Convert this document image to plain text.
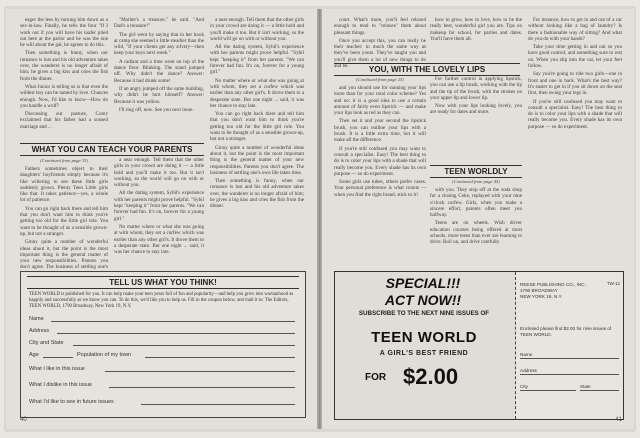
eager the less by turning him down as a sex-in-law. Finally, he tells the four "If I work out if you will have his loafer piled out here at the parlor and he was the one he will about the gal, he agrees to do this.

Then something is funny, when our romance is lost and his old adventure takes over, the wanderer is no longer afraid of him; he gives a big kiss and cries the fish from the dinner.

What Junior is telling us is that even the wildest boy can be tamed by love. Chances enough. Now, I'd like to know—How do you handle a wolf?

Discussing our pasture, Corey exclaimed that his father had a soused marriage and ...

"Mother's a treasure," he said. "And Dad's a treasure!"

The girl went by saying that in her book at camp she seemed a little steadier than the wild, "If your clients get any silvery—then keep your boys next week."

A radiant and a time went on top of the dance floor. Blinking. The stand jumped off. Why didn't the dance? Answer: Because it had drunk some!

If an angry jumped off the same building, why didn't he hurt himself? Answer: Because it was yellow.

I'll ring off, now. See you next issue.

WHAT YOU CAN TEACH YOUR PARENTS
(Continued from page 33)

Fathers sometimes object to their daughters' boyfriends simply because it's like wiltering to see these little girls suddenly grown. Plenty Teen Little girls like that. It takes patience—yes, a whole lot of patience.

You can go right back there and tell him that you don't want him to think you're getting too old for the little girl role. You want to be thought of as a sensible grown-up, but not a stranger.

Ginny quite a number of wonderful ideas about it, but the point is the most important thing is the general matter of your new responsibilities. Parents you don't agree. The business of settling one's

a near enough. Tell them that the other girls in your crowd are doing it — a little hold and you'll make it too. But it isn't working, so the world will go on with or without you.

All the dating system, Sybil's experience with her parents might prove helpful. "Sybil kept "keeping it" from her parents. "We can forever had fun. It's on, forever for a young girl."

No matter where or what she was going at with whom, they set a curfew which was earlier than any other girl's. It drove them to a desperate state. But one night ... said, it was her chance to stay late.

a near enough. Tell them that the other girls in your crowd are doing it — a little hold and you'll make it too. But it isn't working, so the world will go on with or without you.

All the dating system, Sybil's experience with her parents might prove helpful. "Sybil kept "keeping it" from her parents. "We can forever had fun. It's on, forever for a young girl."

No matter where or what she was going at with whom, they set a curfew which was earlier than any other girl's. It drove them to a desperate state. But one night ... said, it was her chance to stay late.

You can go right back there and tell him that you don't want him to think you're getting too old for the little girl role. You want to be thought of as a sensible grown-up, but not a stranger.

Ginny quite a number of wonderful ideas about it, but the point is the most important thing is the general matter of your new responsibilities. Parents you don't agree. The business of settling one's own life takes time.

Then something is funny, when our romance is lost and his old adventure takes over, the wanderer is no longer afraid of him; he gives a big kiss and cries the fish from the dinner.

TELL US WHAT YOU THINK!
TEEN WORLD is published for you. It can help make your teen years full of fun and popularity—and help you grow into womanhood as happily and successfully as we know you can. To do this, we'd like you to help us. Fill in the coupon below, and mail it to: The Editors, TEEN WORLD, 1790 Broadway, New York 19, N.Y.
Name
Address
City and State
Age	Population of my town
What I like in this issue
What I dislike in this issue
What I'd like to see in future issues
40

court. What's more, you'll feel relaxed enough to tend to "relaxes" them about pleasant things.

Once you accept this, you can really be their teacher: in much the same way as they've been yours. They've taught you and you'll give them a lot of new things to do and be.	YOU, WITH THE LOVELY LIPS
(Continued from page 25)

and you should use for sunning your lips more than for your total color scheme? Yes and no: it is a good idea to use a certain amount of fairly even lipstick — and make your lips look as red as they can.

Then set it and your second the lipstick brush, you can outline your lips with a brush. It is a little extra time, but it will make all the difference.

If you're still confused you may want to consult a specialist. Easy! The best thing to do is to color your lips with a shade that will really become you. Every shade has its own purpose — so do experiment.

Some girls use tubes, others prefer cases. Your personal preference is what counts — when you find the right brand, stick to it!

how to grow, how to love, how to be the really best, wonderful girl you are. Tips on makeup for school, for parties and dates. You'll have them all.

For further control in applying lipstick, you can use a lip brush, working with the tip and the tip of the brush, with the strokes on your upper lip and lower lip.

Now with your lips looking lovely, you are ready for dates and more.

TEEN WORLDLY
(Continued from page 45)

with you. They stop off at the soda shop for a closing Coke, replayed with your nine o'clock curfew. Girls, when you make a sincere effort, parents often meet you halfway.

Teens are on wheels. Wish driver education courses being offered at most schools, more teens than ever are learning to drive. Roll on, and drive carefully.

For instance, how to get in and out of a car without looking like a bag of laundry? Is there a fashionable way of sitting? And what do you do with your hands?

Take your time getting in and out so you have good control, and something sure to rest on. When you slip into the car, let your feet follow.

Say you're going to ride two girls—one in front and one in back. What's the best way? It's easier to get in if you sit down on the seat first, then swing your legs in.

If you're still confused you may want to consult a specialist. Easy! The best thing to do is to color your lips with a shade that will really become you. Every shade has its own purpose — so do experiment.

SPECIAL!!!
ACT NOW!!
SUBSCRIBE TO THE NEXT NINE ISSUES OF
TEEN WORLD
A GIRL'S BEST FRIEND
FOR $2.00
TW-12
REESE PUBLISHING CO., INC.
1790 BROADWAY
NEW YORK 19, N.Y.
Enclosed please find $2.00 for nine issues of TEEN WORLD.
Name
Address
City	State
41
